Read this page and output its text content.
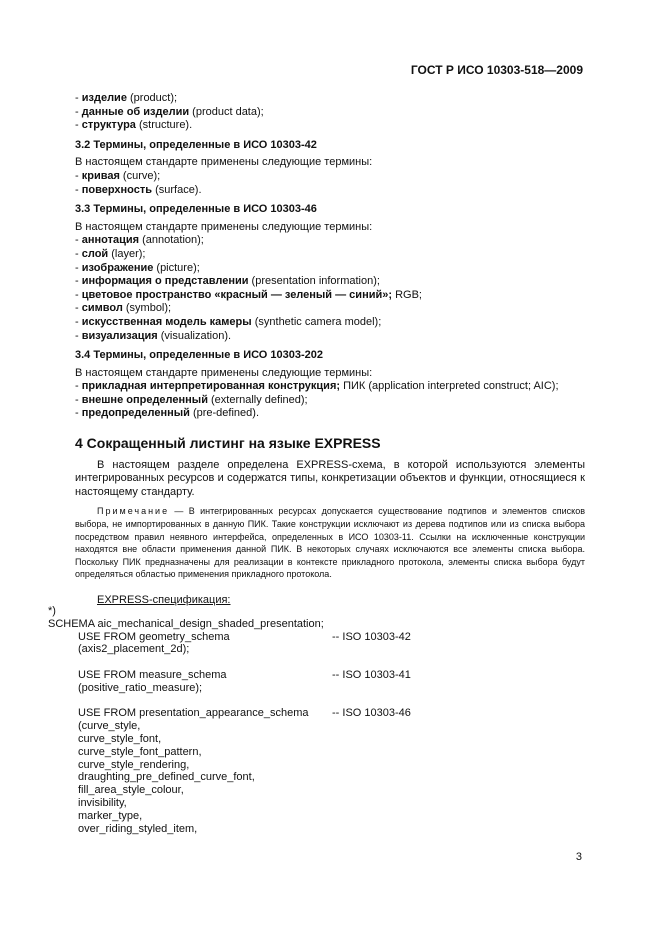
ГОСТ Р ИСО 10303-518—2009
- изделие (product);
- данные об изделии (product data);
- структура (structure).
3.2 Термины, определенные в ИСО 10303-42
В настоящем стандарте применены следующие термины:
- кривая (curve);
- поверхность (surface).
3.3 Термины, определенные в ИСО 10303-46
В настоящем стандарте применены следующие термины:
- аннотация (annotation);
- слой (layer);
- изображение (picture);
- информация о представлении (presentation information);
- цветовое пространство «красный — зеленый — синий»; RGB;
- символ (symbol);
- искусственная модель камеры (synthetic camera model);
- визуализация (visualization).
3.4 Термины, определенные в ИСО 10303-202
В настоящем стандарте применены следующие термины:
- прикладная интерпретированная конструкция; ПИК (application interpreted construct; AIC);
- внешне определенный (externally defined);
- предопределенный (pre-defined).
4 Сокращенный листинг на языке EXPRESS
В настоящем разделе определена EXPRESS-схема, в которой используются элементы интегрированных ресурсов и содержатся типы, конкретизации объектов и функции, относящиеся к настоящему стандарту.
Примечание — В интегрированных ресурсах допускается существование подтипов и элементов списков выбора, не импортированных в данную ПИК. Такие конструкции исключают из дерева подтипов или из списка выбора посредством правил неявного интерфейса, определенных в ИСО 10303-11. Ссылки на исключенные конструкции находятся вне области применения данной ПИК. В некоторых случаях исключаются все элементы списка выбора. Поскольку ПИК предназначены для реализации в контексте прикладного протокола, элементы списка выбора будут определяться областью применения прикладного протокола.
EXPRESS-спецификация:
*)
SCHEMA aic_mechanical_design_shaded_presentation;
USE FROM geometry_schema	-- ISO 10303-42
(axis2_placement_2d);
USE FROM measure_schema	-- ISO 10303-41
(positive_ratio_measure);
USE FROM presentation_appearance_schema -- ISO 10303-46
(curve_style,
curve_style_font,
curve_style_font_pattern,
curve_style_rendering,
draughting_pre_defined_curve_font,
fill_area_style_colour,
invisibility,
marker_type,
over_riding_styled_item,
3
